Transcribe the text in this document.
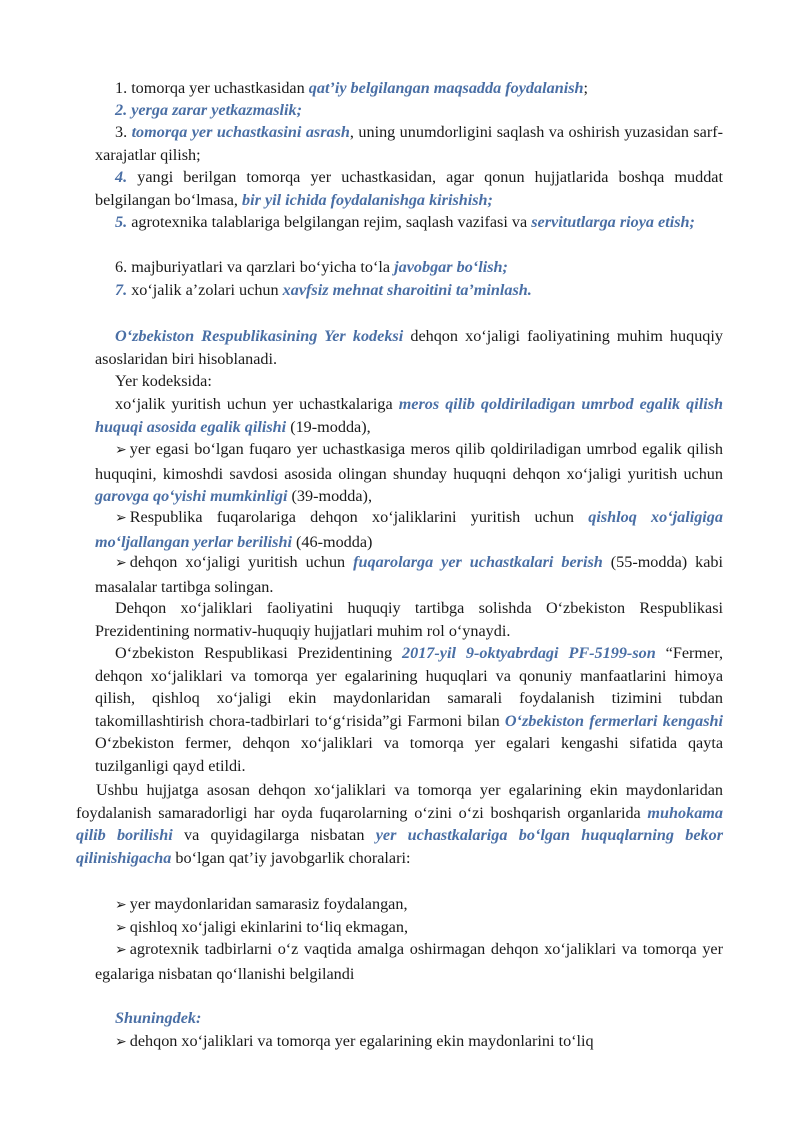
1. tomorqa yer uchastkasidan qat’iy belgilangan maqsadda foydalanish;
2. yerga zarar yetkazmaslik;
3. tomorqa yer uchastkasini asrash, uning unumdorligini saqlash va oshirish yuzasidan sarf-xarajatlar qilish;
4. yangi berilgan tomorqa yer uchastkasidan, agar qonun hujjatlarida boshqa muddat belgilangan bo‘lmasa, bir yil ichida foydalanishga kirishish;
5. agrotexnika talablariga belgilangan rejim, saqlash vazifasi va servitutlarga rioya etish;
6. majburiyatlari va qarzlari bo‘yicha to‘la javobgar bo‘lish;
7. xo‘jalik a’zolari uchun xavfsiz mehnat sharoitini ta’minlash.
O‘zbekiston Respublikasining Yer kodeksi dehqon xo‘jaligi faoliyatining muhim huquqiy asoslaridan biri hisoblanadi.
Yer kodeksida:
xo‘jalik yuritish uchun yer uchastkalariga meros qilib qoldiriladigan umrbod egalik qilish huquqi asosida egalik qilishi (19-modda),
➢ yer egasi bo‘lgan fuqaro yer uchastkasiga meros qilib qoldiriladigan umrbod egalik qilish huquqini, kimoshdi savdosi asosida olingan shunday huquqni dehqon xo‘jaligi yuritish uchun garovga qo‘yishi mumkinligi (39-modda),
➢ Respublika fuqarolariga dehqon xo‘jaliklarini yuritish uchun qishloq xo‘jaligiga mo‘ljallangan yerlar berilishi (46-modda)
➢ dehqon xo‘jaligi yuritish uchun fuqarolarga yer uchastkalari berish (55-modda) kabi masalalar tartibga solingan.
Dehqon xo‘jaliklari faoliyatini huquqiy tartibga solishda O‘zbekiston Respublikasi Prezidentining normativ-huquqiy hujjatlari muhim rol o‘ynaydi.
O‘zbekiston Respublikasi Prezidentining 2017-yil 9-oktyabrdagi PF-5199-son “Fermer, dehqon xo‘jaliklari va tomorqa yer egalarining huquqlari va qonuniy manfaatlarini himoya qilish, qishloq xo‘jaligi ekin maydonlaridan samarali foydalanish tizimini tubdan takomillashtirish chora-tadbirlari to‘g‘risida”gi Farmoni bilan O‘zbekiston fermerlari kengashi O‘zbekiston fermer, dehqon xo‘jaliklari va tomorqa yer egalari kengashi sifatida qayta tuzilganligi qayd etildi.
Ushbu hujjatga asosan dehqon xo‘jaliklari va tomorqa yer egalarining ekin maydonlaridan foydalanish samaradorligi har oyda fuqarolarning o‘zini o‘zi boshqarish organlarida muhokama qilib borilishi va quyidagilarga nisbatan yer uchastkalariga bo‘lgan huquqlarning bekor qilinishigacha bo‘lgan qat’iy javobgarlik choralari:
➢ yer maydonlaridan samarasiz foydalangan,
➢ qishloq xo‘jaligi ekinlarini to‘liq ekmagan,
➢ agrotexnik tadbirlarni o‘z vaqtida amalga oshirmagan dehqon xo‘jaliklari va tomorqa yer egalariga nisbatan qo‘llanishi belgilandi
Shuningdek:
➢ dehqon xo‘jaliklari va tomorqa yer egalarining ekin maydonlarini to‘liq
